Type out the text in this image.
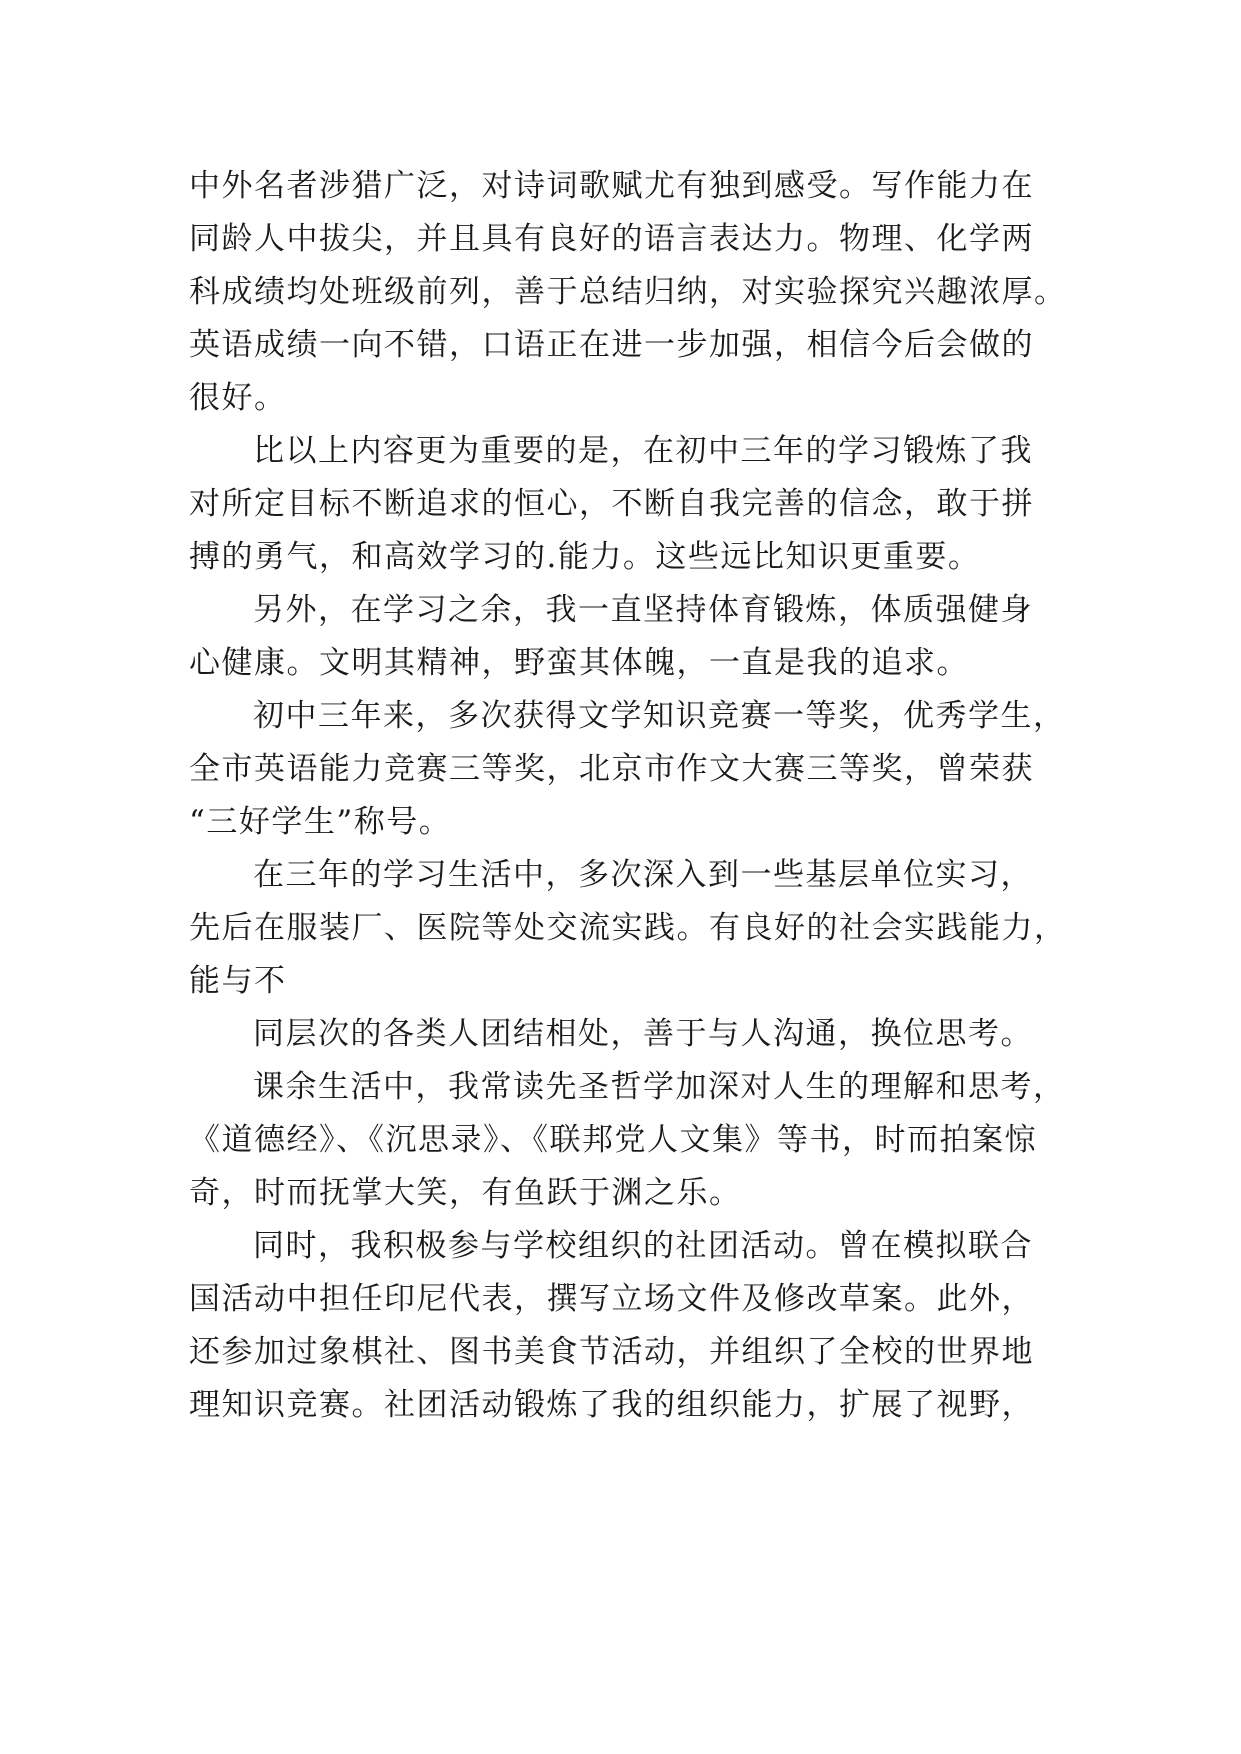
中外名者涉猎广泛，对诗词歌赋尤有独到感受。写作能力在
同龄人中拔尖，并且具有良好的语言表达力。物理、化学两
科成绩均处班级前列，善于总结归纳，对实验探究兴趣浓厚。
英语成绩一向不错，口语正在进一步加强，相信今后会做的
很好。
比以上内容更为重要的是，在初中三年的学习锻炼了我
对所定目标不断追求的恒心，不断自我完善的信念，敢于拼
搏的勇气，和高效学习的.能力。这些远比知识更重要。
另外，在学习之余，我一直坚持体育锻炼，体质强健身
心健康。文明其精神，野蛮其体魄，一直是我的追求。
初中三年来，多次获得文学知识竞赛一等奖，优秀学生，
全市英语能力竞赛三等奖，北京市作文大赛三等奖，曾荣获
“三好学生”称号。
在三年的学习生活中，多次深入到一些基层单位实习，
先后在服装厂、医院等处交流实践。有良好的社会实践能力，
能与不
同层次的各类人团结相处，善于与人沟通，换位思考。
课余生活中，我常读先圣哲学加深对人生的理解和思考，
《道德经》、《沉思录》、《联邦党人文集》等书，时而拍案惊
奇，时而抚掌大笑，有鱼跃于渊之乐。
同时，我积极参与学校组织的社团活动。曾在模拟联合
国活动中担任印尼代表，撰写立场文件及修改草案。此外，
还参加过象棋社、图书美食节活动，并组织了全校的世界地
理知识竞赛。社团活动锻炼了我的组织能力，扩展了视野，
